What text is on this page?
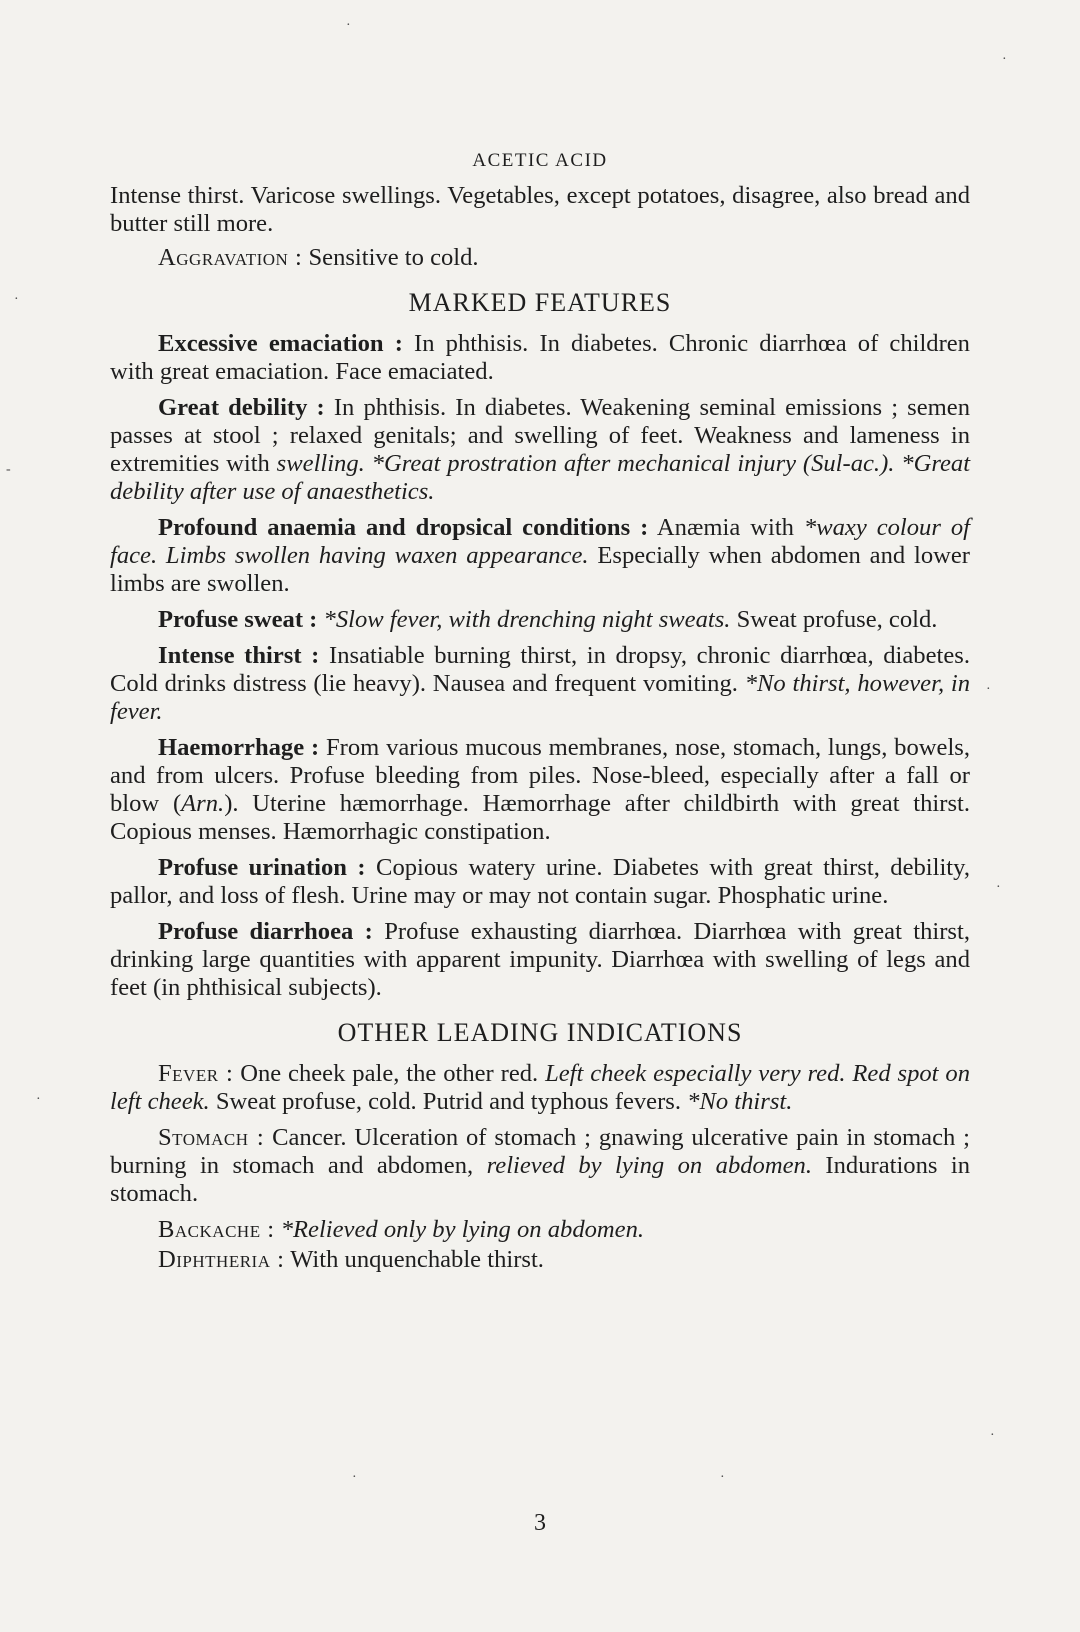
·
·
·
-
·
·
·
·
·	·
ACETIC ACID

Intense thirst. Varicose swellings. Vegetables, except potatoes, disagree, also bread and butter still more.

Aggravation : Sensitive to cold.

MARKED FEATURES

Excessive emaciation : In phthisis. In diabetes. Chronic diarrhœa of children with great emaciation. Face emaciated.

Great debility : In phthisis. In diabetes. Weakening seminal emissions ; semen passes at stool ; relaxed genitals; and swelling of feet. Weakness and lameness in extremities with swelling. *Great prostration after mechanical injury (Sul-ac.). *Great debility after use of anaesthetics.

Profound anaemia and dropsical conditions : Anæmia with *waxy colour of face. Limbs swollen having waxen appearance. Especially when abdomen and lower limbs are swollen.

Profuse sweat : *Slow fever, with drenching night sweats. Sweat profuse, cold.

Intense thirst : Insatiable burning thirst, in dropsy, chronic diarrhœa, diabetes. Cold drinks distress (lie heavy). Nausea and frequent vomiting. *No thirst, however, in fever.

Haemorrhage : From various mucous membranes, nose, stomach, lungs, bowels, and from ulcers. Profuse bleeding from piles. Nose-bleed, especially after a fall or blow (Arn.). Uterine hæmorrhage. Hæmorrhage after childbirth with great thirst. Copious menses. Hæmorrhagic constipation.

Profuse urination : Copious watery urine. Diabetes with great thirst, debility, pallor, and loss of flesh. Urine may or may not contain sugar. Phosphatic urine.

Profuse diarrhoea : Profuse exhausting diarrhœa. Diarrhœa with great thirst, drinking large quantities with apparent impunity. Diarrhœa with swelling of legs and feet (in phthisical subjects).

OTHER LEADING INDICATIONS

Fever : One cheek pale, the other red. Left cheek especially very red. Red spot on left cheek. Sweat profuse, cold. Putrid and typhous fevers. *No thirst.

Stomach : Cancer. Ulceration of stomach ; gnawing ulcerative pain in stomach ; burning in stomach and abdomen, relieved by lying on abdomen. Indurations in stomach.

Backache : *Relieved only by lying on abdomen.

Diphtheria : With unquenchable thirst.

3
